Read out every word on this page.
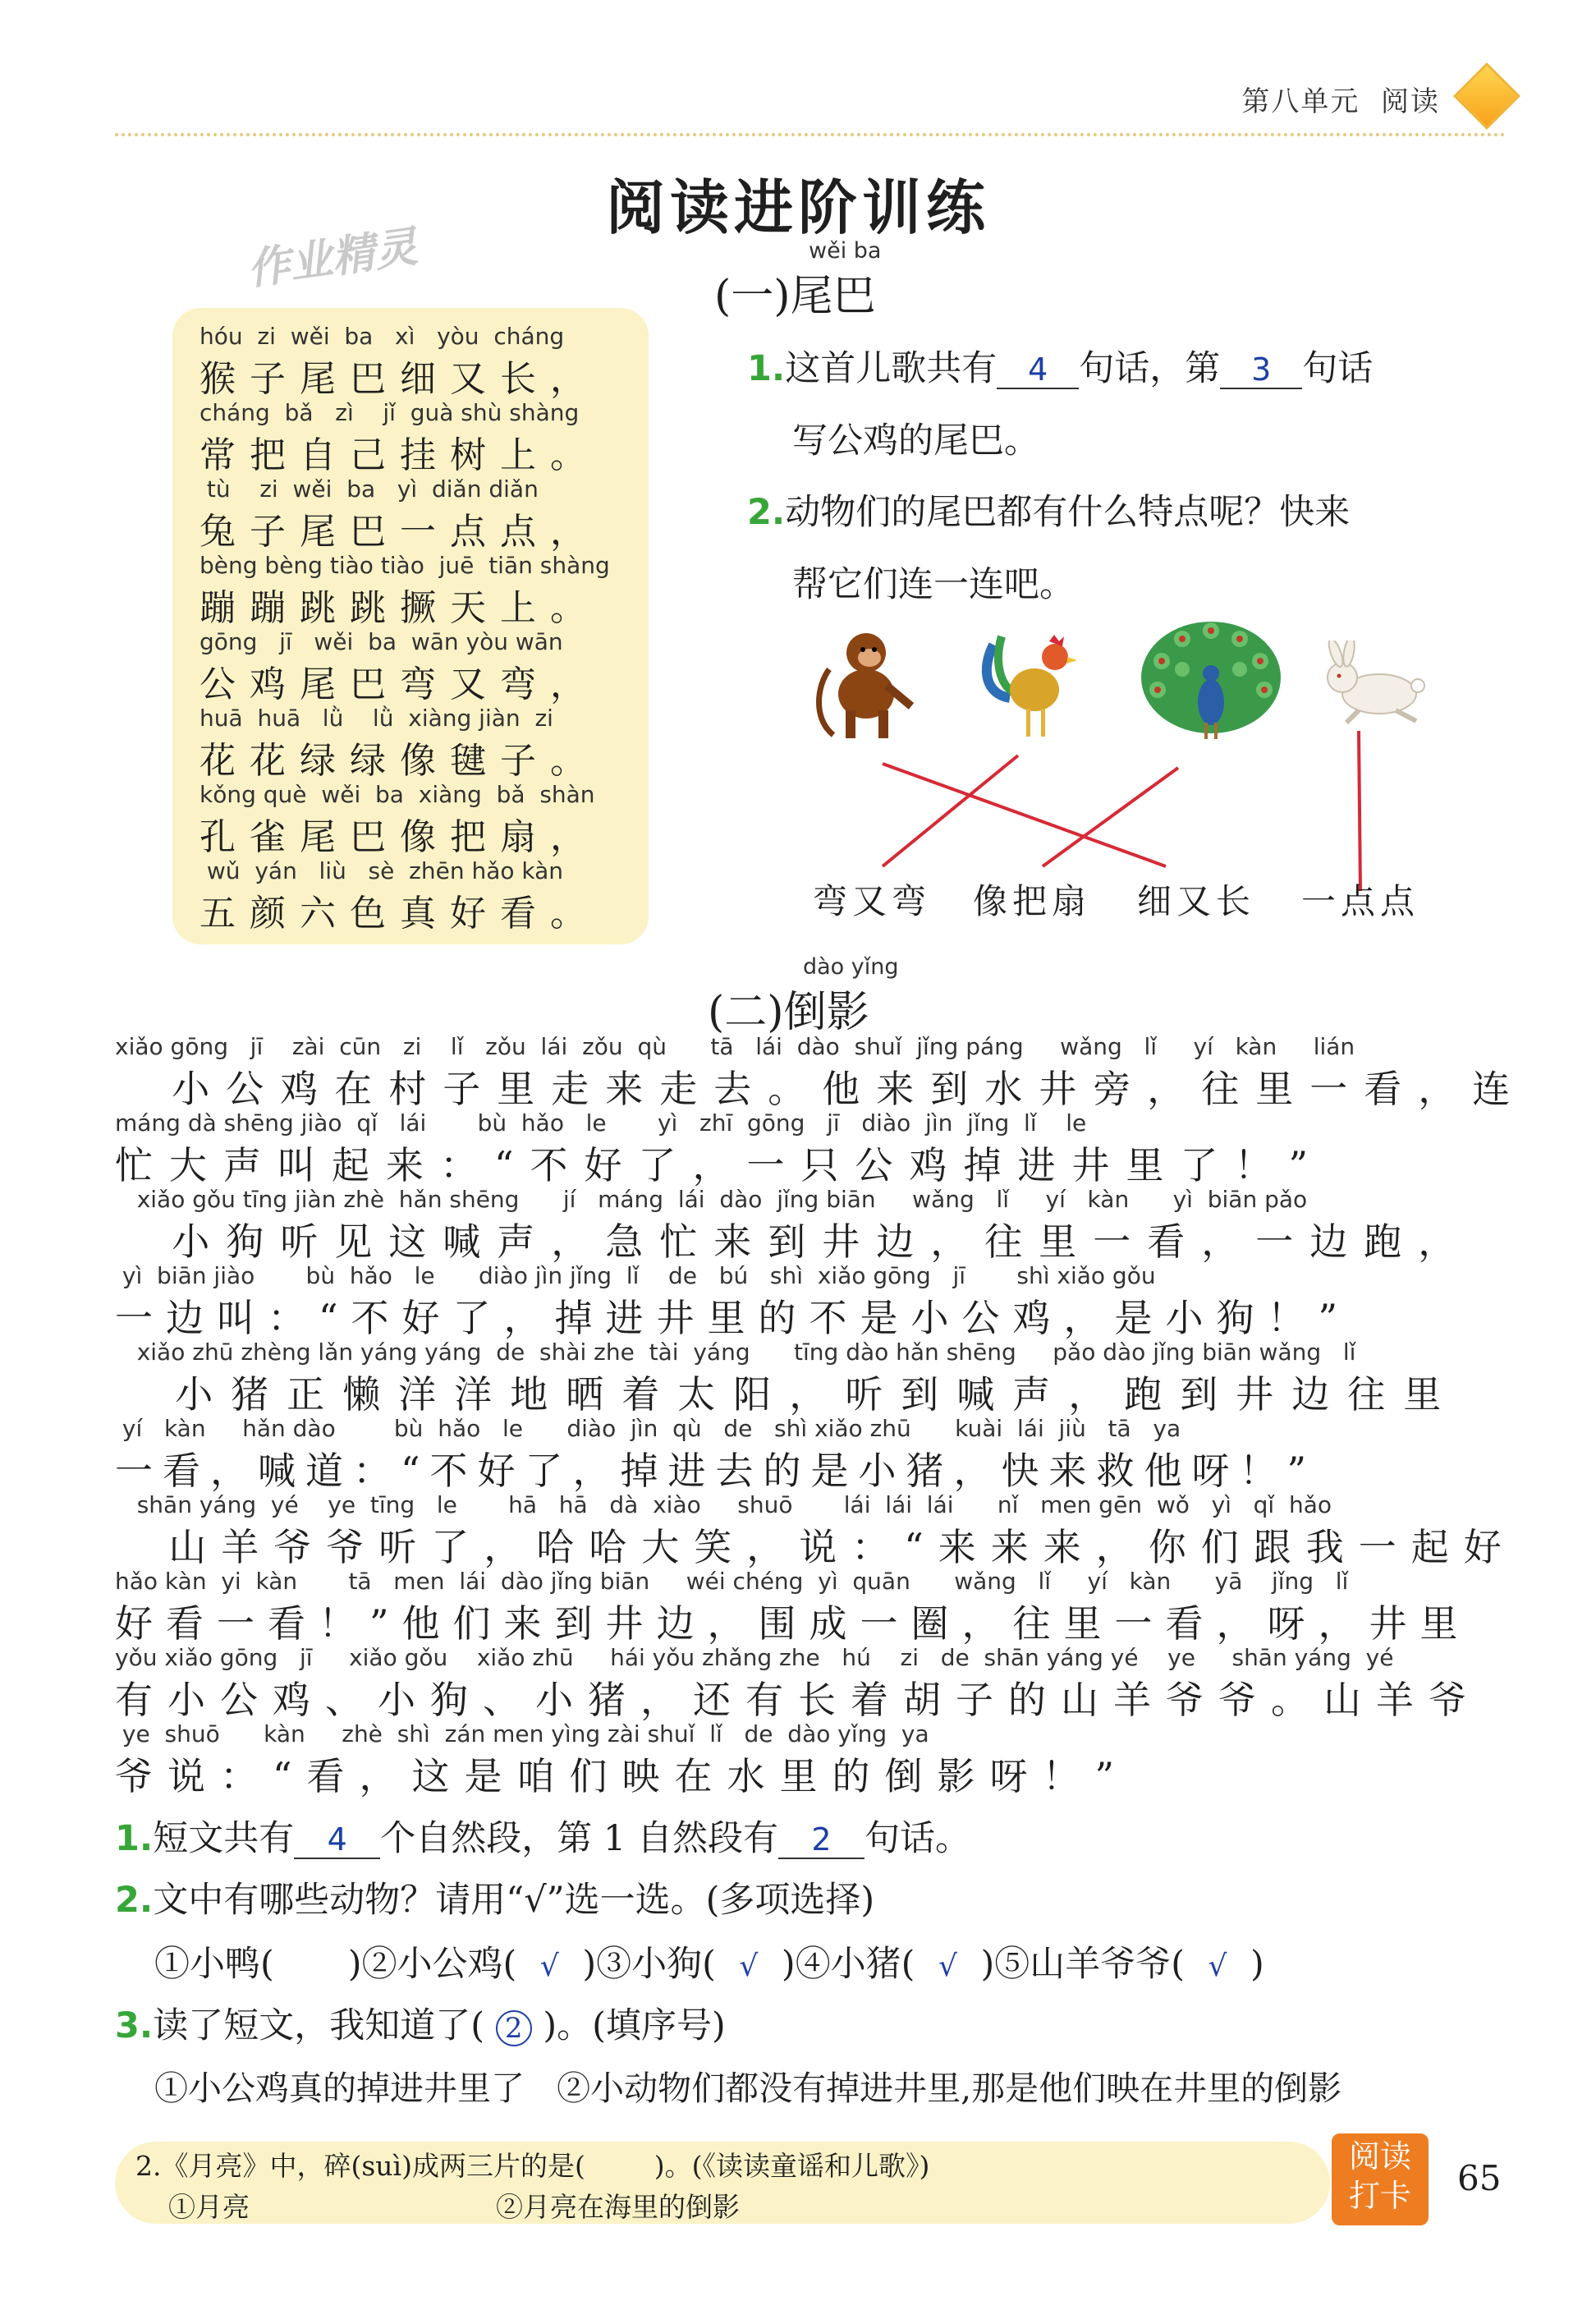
第八单元 阅读
阅读进阶训练
作业精灵	wěi ba
(一)尾巴
hóu  zi  wěi  ba   xì   yòu  cháng
猴子尾巴细又长，
cháng  bǎ   zì    jǐ  guà shù shàng
常把自己挂树上。
tù    zi  wěi  ba   yì  diǎn diǎn
兔子尾巴一点点，
bèng bèng tiào tiào  juē  tiān shàng
蹦蹦跳跳撅天上。
gōng   jī   wěi  ba  wān yòu wān
公鸡尾巴弯又弯，
huā  huā   lǜ    lǜ  xiàng jiàn  zi
花花绿绿像毽子。
kǒng què  wěi  ba  xiàng  bǎ  shàn
孔雀尾巴像把扇，
wǔ  yán   liù   sè  zhēn hǎo kàn
五颜六色真好看。
1.这首儿歌共有 4 句话，第 3 句话
写公鸡的尾巴。
2.动物们的尾巴都有什么特点呢？快来
帮它们连一连吧。
弯又弯 像把扇 细又长 一点点
dào yǐng
(二)倒影
xiǎo gōng   jī    zài  cūn   zi    lǐ   zǒu  lái  zǒu  qù      tā   lái  dào  shuǐ  jǐng páng     wǎng   lǐ     yí   kàn     lián
小公鸡在村子里走来走去。他来到水井旁，往里一看，连
máng dà shēng jiào  qǐ   lái       bù  hǎo   le       yì   zhī  gōng   jī   diào  jìn  jǐng  lǐ    le
忙大声叫起来：“不好了，一只公鸡掉进井里了！”
xiǎo gǒu tīng jiàn zhè  hǎn shēng      jí   máng  lái  dào  jǐng biān     wǎng   lǐ     yí   kàn      yì  biān pǎo
小狗听见这喊声，急忙来到井边，往里一看，一边跑，
yì  biān jiào       bù  hǎo   le      diào jìn jǐng  lǐ    de   bú   shì  xiǎo gōng   jī       shì xiǎo gǒu
一边叫：“不好了，掉进井里的不是小公鸡，是小狗！”
xiǎo zhū zhèng lǎn yáng yáng  de  shài zhe  tài  yáng      tīng dào hǎn shēng     pǎo dào jǐng biān wǎng   lǐ
小猪正懒洋洋地晒着太阳，听到喊声，跑到井边往里
yí   kàn     hǎn dào        bù  hǎo   le      diào  jìn  qù   de   shì xiǎo zhū      kuài  lái  jiù   tā   ya
一看，喊道：“不好了，掉进去的是小猪，快来救他呀！”
shān yáng  yé    ye  tīng   le       hā   hā   dà  xiào     shuō       lái  lái  lái      nǐ   men gēn  wǒ   yì   qǐ  hǎo
山羊爷爷听了，哈哈大笑，说：“来来来，你们跟我一起好
hǎo kàn  yi  kàn       tā   men  lái  dào jǐng biān     wéi chéng  yì  quān      wǎng   lǐ     yí   kàn      yā    jǐng   lǐ
好看一看！”他们来到井边，围成一圈，往里一看，呀，井里
yǒu xiǎo gōng   jī     xiǎo gǒu    xiǎo zhū     hái yǒu zhǎng zhe   hú    zi   de  shān yáng yé    ye     shān yáng  yé
有小公鸡、小狗、小猪，还有长着胡子的山羊爷爷。山羊爷
ye  shuō      kàn     zhè  shì  zán men yìng zài shuǐ  lǐ   de  dào yǐng  ya
爷说：“看，这是咱们映在水里的倒影呀！”
1.短文共有 4 个自然段，第 1 自然段有 2 句话。
2.文中有哪些动物？请用“√”选一选。(多项选择)
①小鸭( )②小公鸡( √ )③小狗( √ )④小猪( √ )⑤山羊爷爷( √ )
3.读了短文，我知道了( 2 )。(填序号)
①小公鸡真的掉进井里了 ②小动物们都没有掉进井里,那是他们映在井里的倒影
2.《月亮》中，碎(suì)成两三片的是(        )。(《读读童谣和儿歌》)
①月亮	②月亮在海里的倒影
阅读
打卡	65
